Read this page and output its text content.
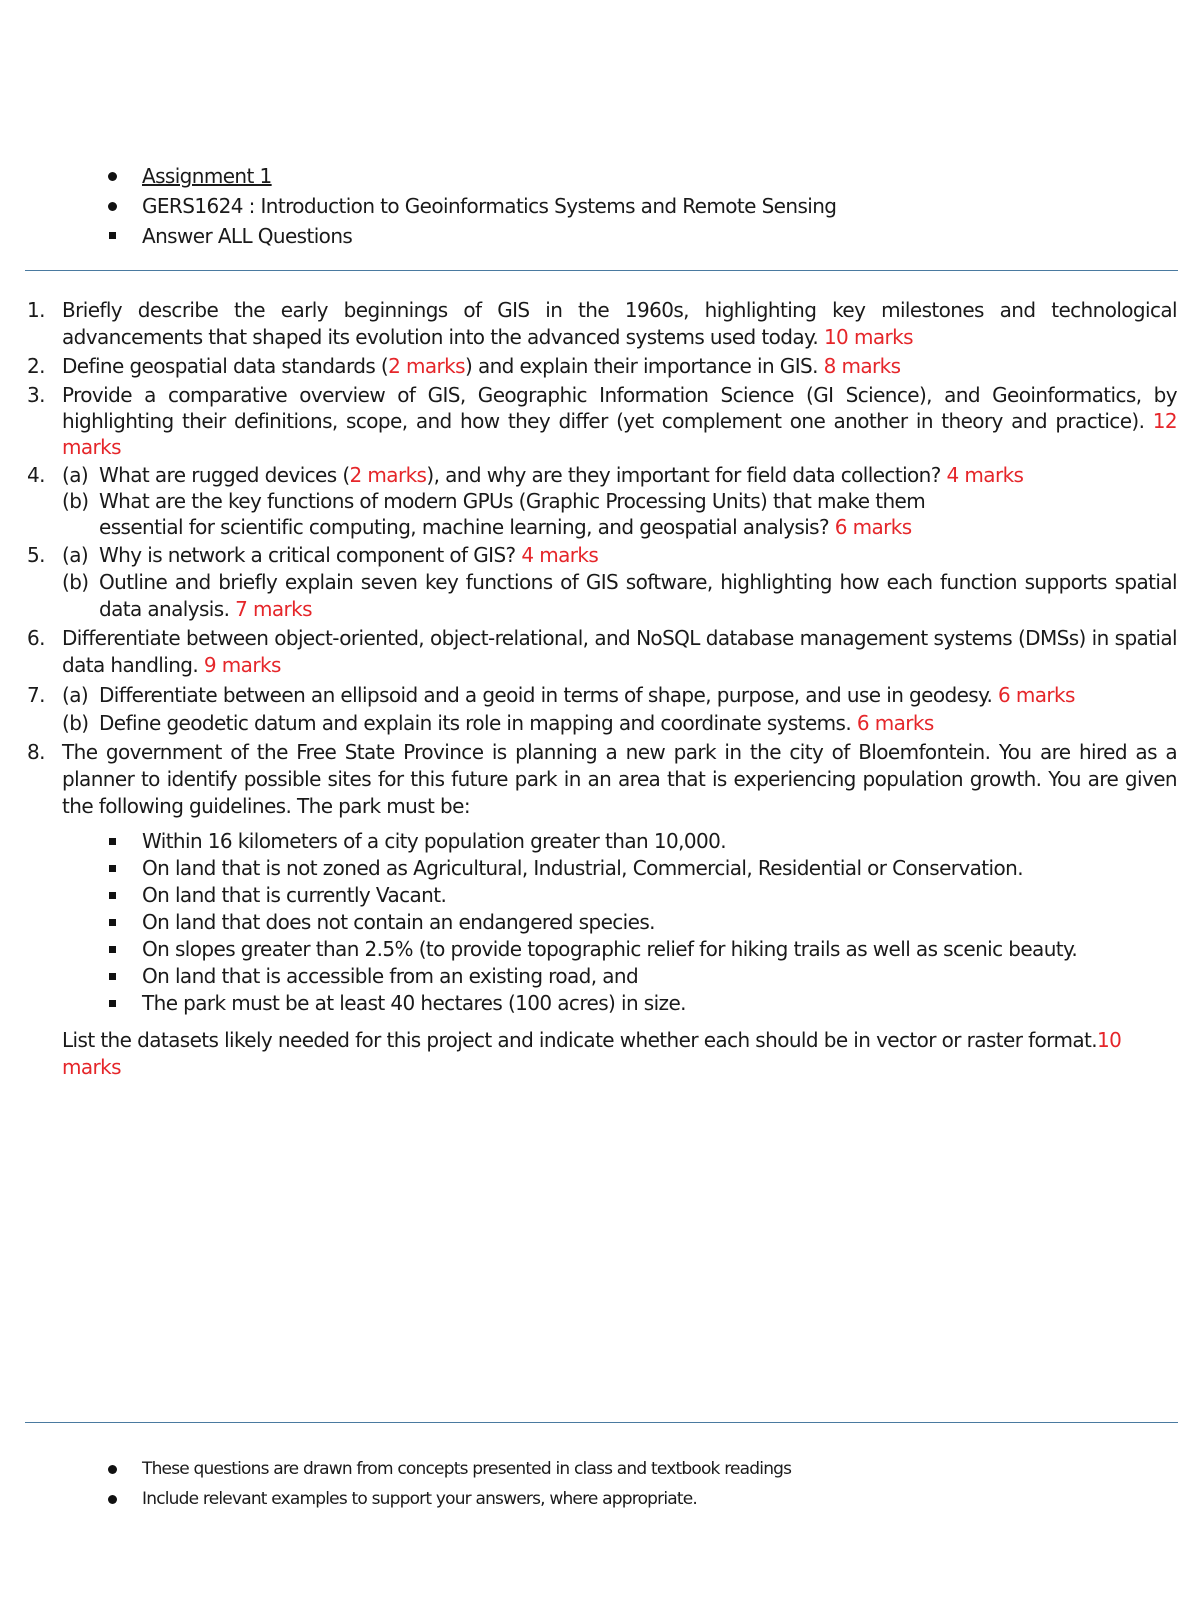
Assignment 1
GERS1624 : Introduction to Geoinformatics Systems and Remote Sensing
Answer ALL Questions
1. Briefly describe the early beginnings of GIS in the 1960s, highlighting key milestones and technological advancements that shaped its evolution into the advanced systems used today. 10 marks
2. Define geospatial data standards (2 marks) and explain their importance in GIS. 8 marks
3. Provide a comparative overview of GIS, Geographic Information Science (GI Science), and Geoinformatics, by highlighting their definitions, scope, and how they differ (yet complement one another in theory and practice). 12 marks
4. (a) What are rugged devices (2 marks), and why are they important for field data collection? 4 marks
(b) What are the key functions of modern GPUs (Graphic Processing Units) that make them essential for scientific computing, machine learning, and geospatial analysis? 6 marks
5. (a) Why is network a critical component of GIS? 4 marks
(b) Outline and briefly explain seven key functions of GIS software, highlighting how each function supports spatial data analysis. 7 marks
6. Differentiate between object-oriented, object-relational, and NoSQL database management systems (DMSs) in spatial data handling. 9 marks
7. (a) Differentiate between an ellipsoid and a geoid in terms of shape, purpose, and use in geodesy. 6 marks
(b) Define geodetic datum and explain its role in mapping and coordinate systems. 6 marks
8. The government of the Free State Province is planning a new park in the city of Bloemfontein. You are hired as a planner to identify possible sites for this future park in an area that is experiencing population growth. You are given the following guidelines. The park must be:
Within 16 kilometers of a city population greater than 10,000.
On land that is not zoned as Agricultural, Industrial, Commercial, Residential or Conservation.
On land that is currently Vacant.
On land that does not contain an endangered species.
On slopes greater than 2.5% (to provide topographic relief for hiking trails as well as scenic beauty.
On land that is accessible from an existing road, and
The park must be at least 40 hectares (100 acres) in size.
List the datasets likely needed for this project and indicate whether each should be in vector or raster format.10 marks
These questions are drawn from concepts presented in class and textbook readings
Include relevant examples to support your answers, where appropriate.
